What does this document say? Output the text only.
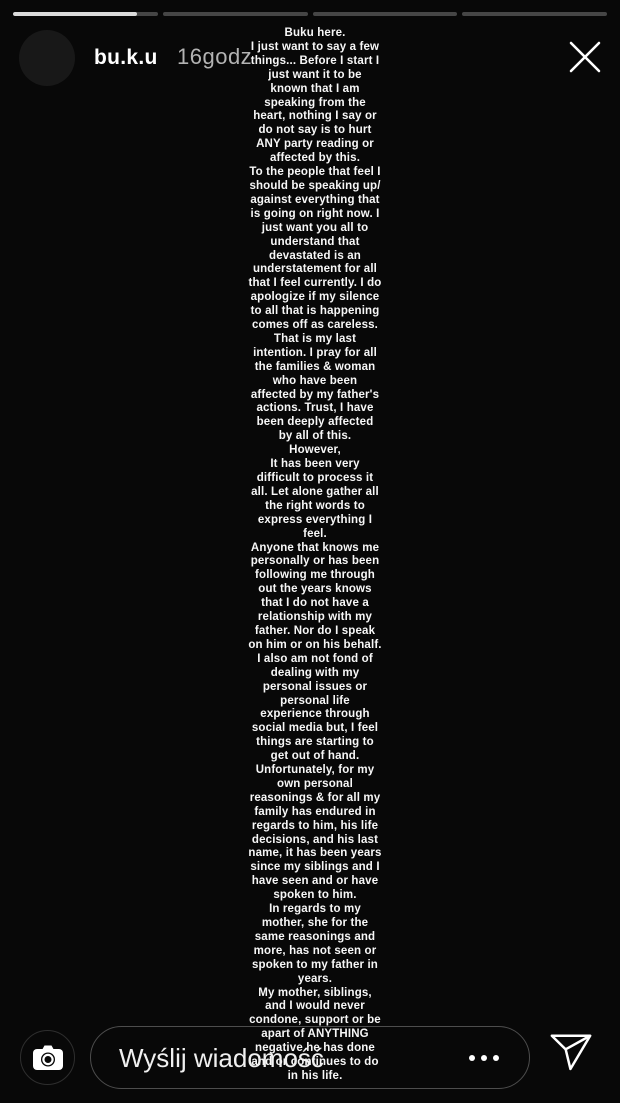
bu.k.u 16godz
Buku here.
I just want to say a few
things... Before I start I
just want it to be
known that I am
speaking from the
heart, nothing I say or
do not say is to hurt
ANY party reading or
affected by this.
To the people that feel I
should be speaking up/
against everything that
is going on right now. I
just want you all to
understand that
devastated is an
understatement for all
that I feel currently. I do
apologize if my silence
to all that is happening
comes off as careless.
That is my last
intention. I pray for all
the families & woman
who have been
affected by my father's
actions. Trust, I have
been deeply affected
by all of this.
However,
It has been very
difficult to process it
all. Let alone gather all
the right words to
express everything I
feel.
Anyone that knows me
personally or has been
following me through
out the years knows
that I do not have a
relationship with my
father. Nor do I speak
on him or on his behalf.
I also am not fond of
dealing with my
personal issues or
personal life
experience through
social media but, I feel
things are starting to
get out of hand.
Unfortunately, for my
own personal
reasonings & for all my
family has endured in
regards to him, his life
decisions, and his last
name, it has been years
since my siblings and I
have seen and or have
spoken to him.
In regards to my
mother, she for the
same reasonings and
more, has not seen or
spoken to my father in
years.
My mother, siblings,
and I would never
condone, support or be
apart of ANYTHING
negative he has done
and or continues to do
in his life.
Wyślij wiadomość
